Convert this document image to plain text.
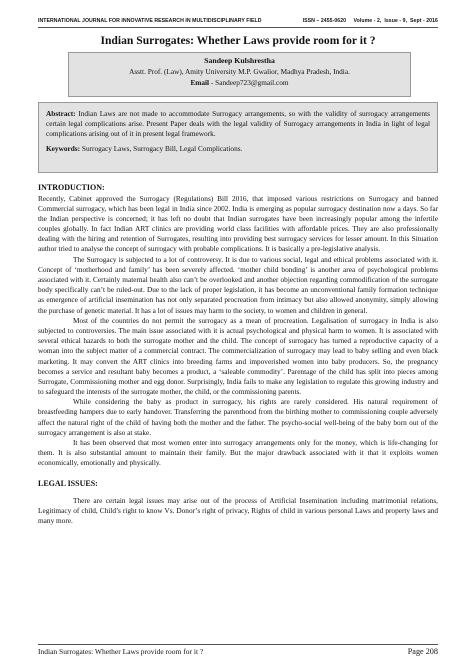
INTERNATIONAL JOURNAL FOR INNOVATIVE RESEARCH IN MULTIDISCIPLINARY FIELD	ISSN – 2455-0620     Volume - 2,  Issue - 9,  Sept - 2016
Indian Surrogates: Whether Laws provide room for it ?
Sandeep Kulshrestha
Asstt. Prof. (Law), Amity University M.P. Gwalior, Madhya Pradesh, India.
Email - Sandeep723@gmail.com

Abstract: Indian Laws are not made to accommodate Surrogacy arrangements, so with the validity of surrogacy arrangements certain legal complications arise. Present Paper deals with the legal validity of Surrogacy arrangements in India in light of legal complications arising out of it in present legal framework.

Keywords: Surrogacy Laws, Surrogacy Bill, Legal Complications.

INTRODUCTION:

Recently, Cabinet approved the Surrogacy (Regulations) Bill 2016, that imposed various restrictions on Surrogacy and banned Commercial surrogacy, which has been legal in India since 2002. India is emerging as popular surrogacy destination now a days. So far the Indian perspective is concerned; it has left no doubt that Indian surrogates have been increasingly popular among the infertile couples globally. In fact Indian ART clinics are providing world class facilities with affordable prices. They are also professionally dealing with the hiring and retention of Surrogates, resulting into providing best surrogacy services for lesser amount. In this Situation author tried to analyse the concept of surrogacy with probable complications. It is basically a pre-legislative analysis.

The Surrogacy is subjected to a lot of controversy. It is due to various social, legal and ethical problems associated with it. Concept of ‘motherhood and family’ has been severely affected. ‘mother child bonding’ is another area of psychological problems associated with it. Certainly maternal health also can’t be overlooked and another objection regarding commodification of the surrogate body specifically can’t be ruled-out. Due to the lack of proper legislation, it has become an unconventional family formation technique as emergence of artificial insemination has not only separated procreation from intimacy but also allowed anonymity, simply allowing the purchase of genetic material. It has a lot of issues may harm to the society, to women and children in general.

Most of the countries do not permit the surrogacy as a mean of procreation. Legalisation of surrogacy in India is also subjected to controversies. The main issue associated with it is actual psychological and physical harm to women. It is associated with several ethical hazards to both the surrogate mother and the child. The concept of surrogacy has turned a reproductive capacity of a woman into the subject matter of a commercial contract. The commercialization of surrogacy may lead to baby selling and even black marketing. It may convert the ART clinics into breeding farms and impoverished women into baby producers. So, the pregnancy becomes a service and resultant baby becomes a product, a ‘saleable commodity’. Parentage of the child has split into pieces among Surrogate, Commissioning mother and egg donor. Surprisingly, India fails to make any legislation to regulate this growing industry and to safeguard the interests of the surrogate mother, the child, or the commissioning parents.

While considering the baby as product in surrogacy, his rights are rarely considered. His natural requirement of breastfeeding hampers due to early handover. Transferring the parenthood from the birthing mother to commissioning couple adversely affect the natural right of the child of having both the mother and the father. The psycho-social well-being of the baby born out of the surrogacy arrangement is also at stake.

It has been observed that most women enter into surrogacy arrangements only for the money, which is life-changing for them. It is also substantial amount to maintain their family. But the major drawback associated with it that it exploits women economically, emotionally and physically.

LEGAL ISSUES:

There are certain legal issues may arise out of the process of Artificial Insemination including matrimonial relations, Legitimacy of child, Child’s right to know Vs. Donor’s right of privacy, Rights of child in various personal Laws and property laws and many more.

Indian Surrogates: Whether Laws provide room for it ?	Page 208
